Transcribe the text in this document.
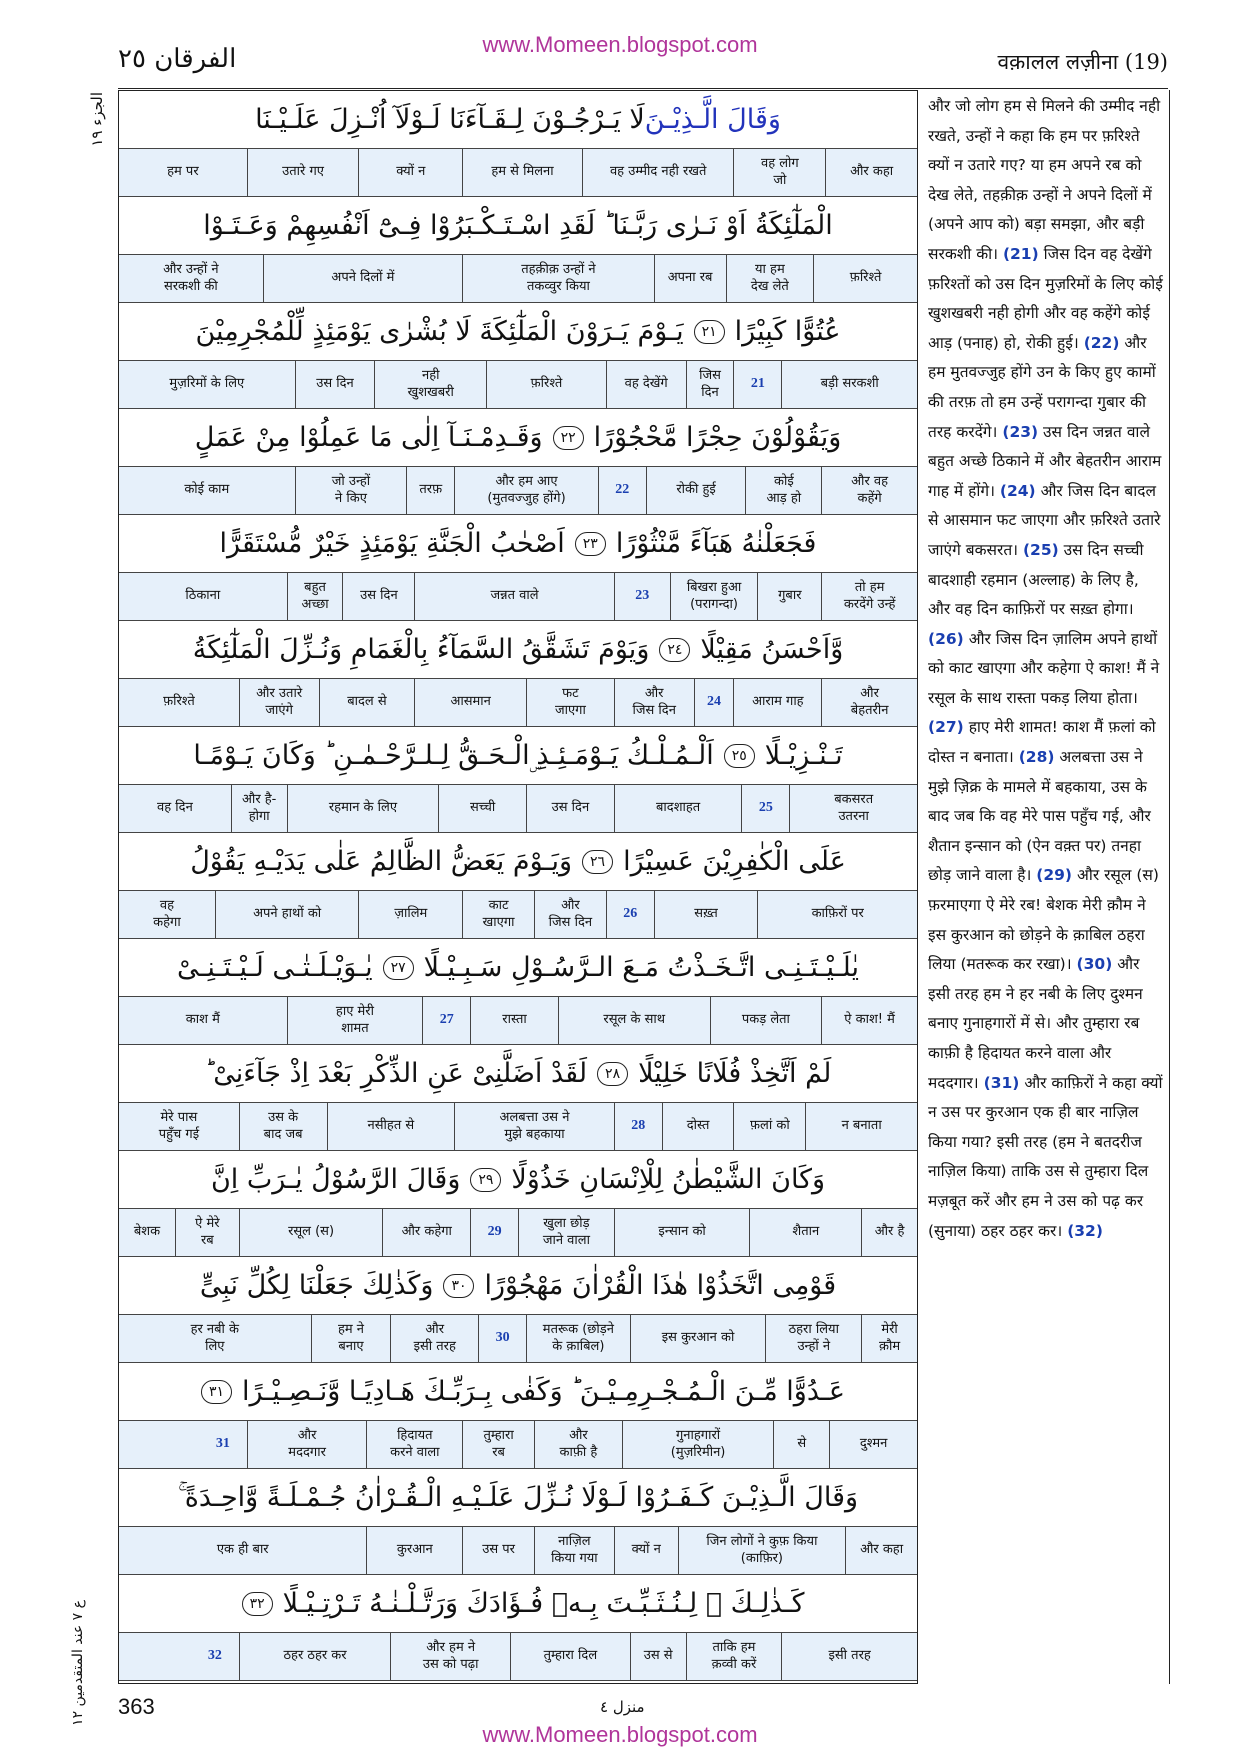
www.Momeen.blogspot.com
الفرقان ٢٥	वक़ालल लज़ीना (19)
الجزء ١٩
ع ٧ عند المتقدمين ١٢
وَقَالَ الَّـذِيْـنَ
لَا يَـرْجُـوْنَ لِـقَـآءَنَا لَـوْلَآ اُنْـزِلَ عَلَـيْـنَا
और कहा
वह लोग
जो
वह उम्मीद नही रखते
हम से मिलना
क्यों न
उतारे गए
हम पर
الْمَلٰٓئِكَةُ اَوْ نَـرٰى رَبَّـنَا ؕ لَقَدِ اسْـتَـكْـبَرُوْا فِـیْٓ اَنْفُسِهِمْ وَعَـتَـوْا
फ़रिश्ते
या हम
देख लेते
अपना रब
तहक़ीक़ उन्हों ने
तकव्वुर किया
अपने दिलों में
और उन्हों ने
सरकशी की
عُتُوًّا كَبِيْرًا
٢١
يَـوْمَ يَـرَوْنَ الْمَلٰٓئِكَةَ لَا بُشْرٰى يَوْمَئِذٍ لِّلْمُجْرِمِيْنَ
बड़ी सरकशी
21
जिस
दिन
वह देखेंगे
फ़रिश्ते
नही
खुशखबरी
उस दिन
मुज़रिमों के लिए
وَيَقُوْلُوْنَ حِجْرًا مَّحْجُوْرًا
٢٢
وَقَـدِمْـنَـآ اِلٰى مَا عَمِلُوْا مِنْ عَمَلٍ
और वह
कहेंगे
कोई
आड़ हो
रोकी हुई
22
और हम आए
(मुतवज्जुह होंगे)
तरफ़
जो उन्हों
ने किए
कोई काम
فَجَعَلْنٰهُ هَبَآءً مَّنْثُوْرًا
٢٣
اَصْحٰبُ الْجَنَّةِ يَوْمَئِذٍ خَيْرٌ مُّسْتَقَرًّا
तो हम
करदेंगे उन्हें
गुबार
बिखरा हुआ
(परागन्दा)
23
जन्नत वाले
उस दिन
बहुत
अच्छा
ठिकाना
وَّاَحْسَنُ مَقِيْلًا
٢٤
وَيَوْمَ تَشَقَّقُ السَّمَآءُ بِالْغَمَامِ وَنُـزِّلَ الْمَلٰٓئِكَةُ
और
बेहतरीन
आराम गाह
24
और
जिस दिन
फट
जाएगा
आसमान
बादल से
और उतारे
जाएंगे
फ़रिश्ते
تَـنْـزِيْـلًا
٢٥
اَلْـمُـلْـكُ يَـوْمَـئِـذِ ۣالْـحَـقُّ لِـلـرَّحْـمٰـنِ ؕ وَكَانَ يَـوْمًـا
बकसरत
उतरना
25
बादशाहत
उस दिन
सच्ची
रहमान के लिए
और है-
होगा
वह दिन
عَلَى الْكٰفِرِيْنَ عَسِيْرًا
٢٦
وَيَـوْمَ يَعَضُّ الظَّالِمُ عَلٰى يَدَيْـهِ يَقُوْلُ
काफ़िरों पर
सख़्त
26
और
जिस दिन
काट
खाएगा
ज़ालिम
अपने हाथों को
वह
कहेगा
يٰلَـيْـتَـنِـى اتَّـخَـذْتُ مَـعَ الـرَّسُـوْلِ سَـبِـيْـلًا
٢٧
يٰـوَيْـلَـتٰـى لَـيْـتَـنِـىْ
ऐ काश! मैं
पकड़ लेता
रसूल के साथ
रास्ता
27
हाए मेरी
शामत
काश मैं
لَمْ اَتَّخِذْ فُلَانًا خَلِيْلًا
٢٨
لَقَدْ اَضَلَّنِىْ عَنِ الذِّكْرِ بَعْدَ اِذْ جَآءَنِىْ ؕ
न बनाता
फ़लां को
दोस्त
28
अलबत्ता उस ने
मुझे बहकाया
नसीहत से
उस के
बाद जब
मेरे पास
पहुँच गई
وَكَانَ الشَّيْطٰنُ لِلْاِنْسَانِ خَذُوْلًا
٢٩
وَقَالَ الرَّسُوْلُ يٰـرَبِّ اِنَّ
और है
शैतान
इन्सान को
खुला छोड़
जाने वाला
29
और कहेगा
रसूल (स)
ऐ मेरे
रब
बेशक
قَوْمِى اتَّخَذُوْا هٰذَا الْقُرْاٰنَ مَهْجُوْرًا
٣٠
وَكَذٰلِكَ جَعَلْنَا لِكُلِّ نَبِىٍّ
मेरी
क़ौम
ठहरा लिया
उन्हों ने
इस कुरआन को
मतरूक (छोड़ने
के क़ाबिल)
30
और
इसी तरह
हम ने
बनाए
हर नबी के
लिए
عَـدُوًّا مِّـنَ الْـمُـجْـرِمِـيْـنَ ؕ وَكَفٰى بِـرَبِّـكَ هَـادِيًـا وَّنَـصِـيْـرًا
٣١
दुश्मन
से
गुनाहगारों
(मुज़रिमीन)
और
काफ़ी है
तुम्हारा
रब
हिदायत
करने वाला
और
मददगार
31
وَقَالَ الَّـذِيْـنَ كَـفَـرُوْا لَـوْلَا نُـزِّلَ عَلَـيْـهِ الْـقُـرْاٰنُ جُـمْـلَـةً وَّاحِـدَةً ۚ
और कहा
जिन लोगों ने कुफ़ किया
(काफ़िर)
क्यों न
नाज़िल
किया गया
उस पर
कुरआन
एक ही बार
كَـذٰلِـكَ ۚ لِـنُـثَـبِّـتَ بِـهٖ فُـؤَادَكَ وَرَتَّـلْـنٰـهُ تَـرْتِـيْـلًا
٣٢
इसी तरह
ताकि हम
क़व्वी करें
उस से
तुम्हारा दिल
और हम ने
उस को पढ़ा
ठहर ठहर कर
32
और जो लोग हम से मिलने की उम्मीद नही रखते, उन्हों ने कहा कि हम पर फ़रिश्ते क्यों न उतारे गए? या हम अपने रब को देख लेते, तहक़ीक़ उन्हों ने अपने दिलों में (अपने आप को) बड़ा समझा, और बड़ी सरकशी की। (21) जिस दिन वह देखेंगे फ़रिश्तों को उस दिन मुज़रिमों के लिए कोई खुशखबरी नही होगी और वह कहेंगे कोई आड़ (पनाह) हो, रोकी हुई। (22) और हम मुतवज्जुह होंगे उन के किए हुए कामों की तरफ़ तो हम उन्हें परागन्दा गुबार की तरह करदेंगे। (23) उस दिन जन्नत वाले बहुत अच्छे ठिकाने में और बेहतरीन आराम गाह में होंगे। (24) और जिस दिन बादल से आसमान फट जाएगा और फ़रिश्ते उतारे जाएंगे बकसरत। (25) उस दिन सच्ची बादशाही रहमान (अल्लाह) के लिए है, और वह दिन काफ़िरों पर सख़्त होगा। (26) और जिस दिन ज़ालिम अपने हाथों को काट खाएगा और कहेगा ऐ काश! मैं ने रसूल के साथ रास्ता पकड़ लिया होता। (27) हाए मेरी शामत! काश मैं फ़लां को दोस्त न बनाता। (28) अलबत्ता उस ने मुझे ज़िक्र के मामले में बहकाया, उस के बाद जब कि वह मेरे पास पहुँच गई, और शैतान इन्सान को (ऐन वक़्त पर) तनहा छोड़ जाने वाला है। (29) और रसूल (स) फ़रमाएगा ऐ मेरे रब! बेशक मेरी क़ौम ने इस कुरआन को छोड़ने के क़ाबिल ठहरा लिया (मतरूक कर रखा)। (30) और इसी तरह हम ने हर नबी के लिए दुश्मन बनाए गुनाहगारों में से। और तुम्हारा रब काफ़ी है हिदायत करने वाला और मददगार। (31) और काफ़िरों ने कहा क्यों न उस पर कुरआन एक ही बार नाज़िल किया गया? इसी तरह (हम ने बतदरीज नाज़िल किया) ताकि उस से तुम्हारा दिल मज़बूत करें और हम ने उस को पढ़ कर (सुनाया) ठहर ठहर कर। (32)
363	منزل ٤
www.Momeen.blogspot.com
